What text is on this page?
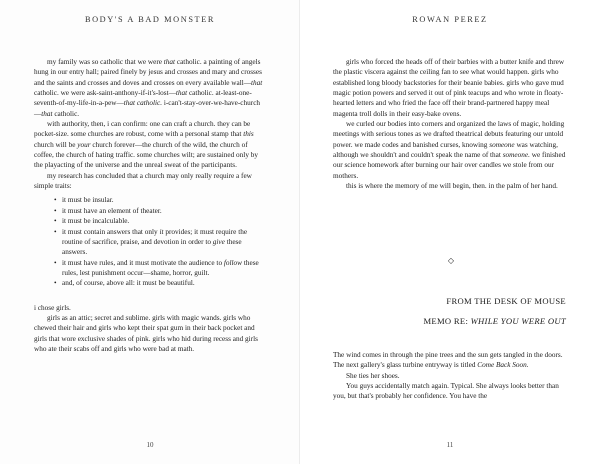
BODY'S A BAD MONSTER

my family was so catholic that we were that catholic. a painting of angels hung in our entry hall; paired finely by jesus and crosses and mary and crosses and the saints and crosses and doves and crosses on every available wall—that catholic. we were ask-saint-anthony-if-it's-lost—that catholic. at-least-one-seventh-of-my-life-in-a-pew—that catholic. i-can't-stay-over-we-have-church—that catholic.

with authority, then, i can confirm: one can craft a church. they can be pocket-size. some churches are robust, come with a personal stamp that this church will be your church forever—the church of the wild, the church of coffee, the church of hating traffic. some churches wilt; are sustained only by the playacting of the universe and the unreal sweat of the participants.

my research has concluded that a church may only really require a few simple traits:

• it must be insular.
• it must have an element of theater.
• it must be incalculable.
• it must contain answers that only it provides; it must require the routine of sacrifice, praise, and devotion in order to give these answers.
• it must have rules, and it must motivate the audience to follow these rules, lest punishment occur—shame, horror, guilt.
• and, of course, above all: it must be beautiful.

i chose girls.

girls as an attic; secret and sublime. girls with magic wands. girls who chewed their hair and girls who kept their spat gum in their back pocket and girls that wore exclusive shades of pink. girls who hid during recess and girls who ate their scabs off and girls who were bad at math.

10
ROWAN PEREZ

girls who forced the heads off of their barbies with a butter knife and threw the plastic viscera against the ceiling fan to see what would happen. girls who established long bloody backstories for their beanie babies. girls who gave mud magic potion powers and served it out of pink teacups and who wrote in floaty-hearted letters and who fried the face off their brand-partnered happy meal magenta troll dolls in their easy-bake ovens.

we curled our bodies into corners and organized the laws of magic, holding meetings with serious tones as we drafted theatrical debuts featuring our untold power. we made codes and banished curses, knowing someone was watching, although we shouldn't and couldn't speak the name of that someone. we finished our science homework after burning our hair over candles we stole from our mothers.

this is where the memory of me will begin, then. in the palm of her hand.

◇
FROM THE DESK OF MOUSE
MEMO RE: WHILE YOU WERE OUT

The wind comes in through the pine trees and the sun gets tangled in the doors. The next gallery's glass turbine entryway is titled Come Back Soon.

She ties her shoes.

You guys accidentally match again. Typical. She always looks better than you, but that's probably her confidence. You have the

11
